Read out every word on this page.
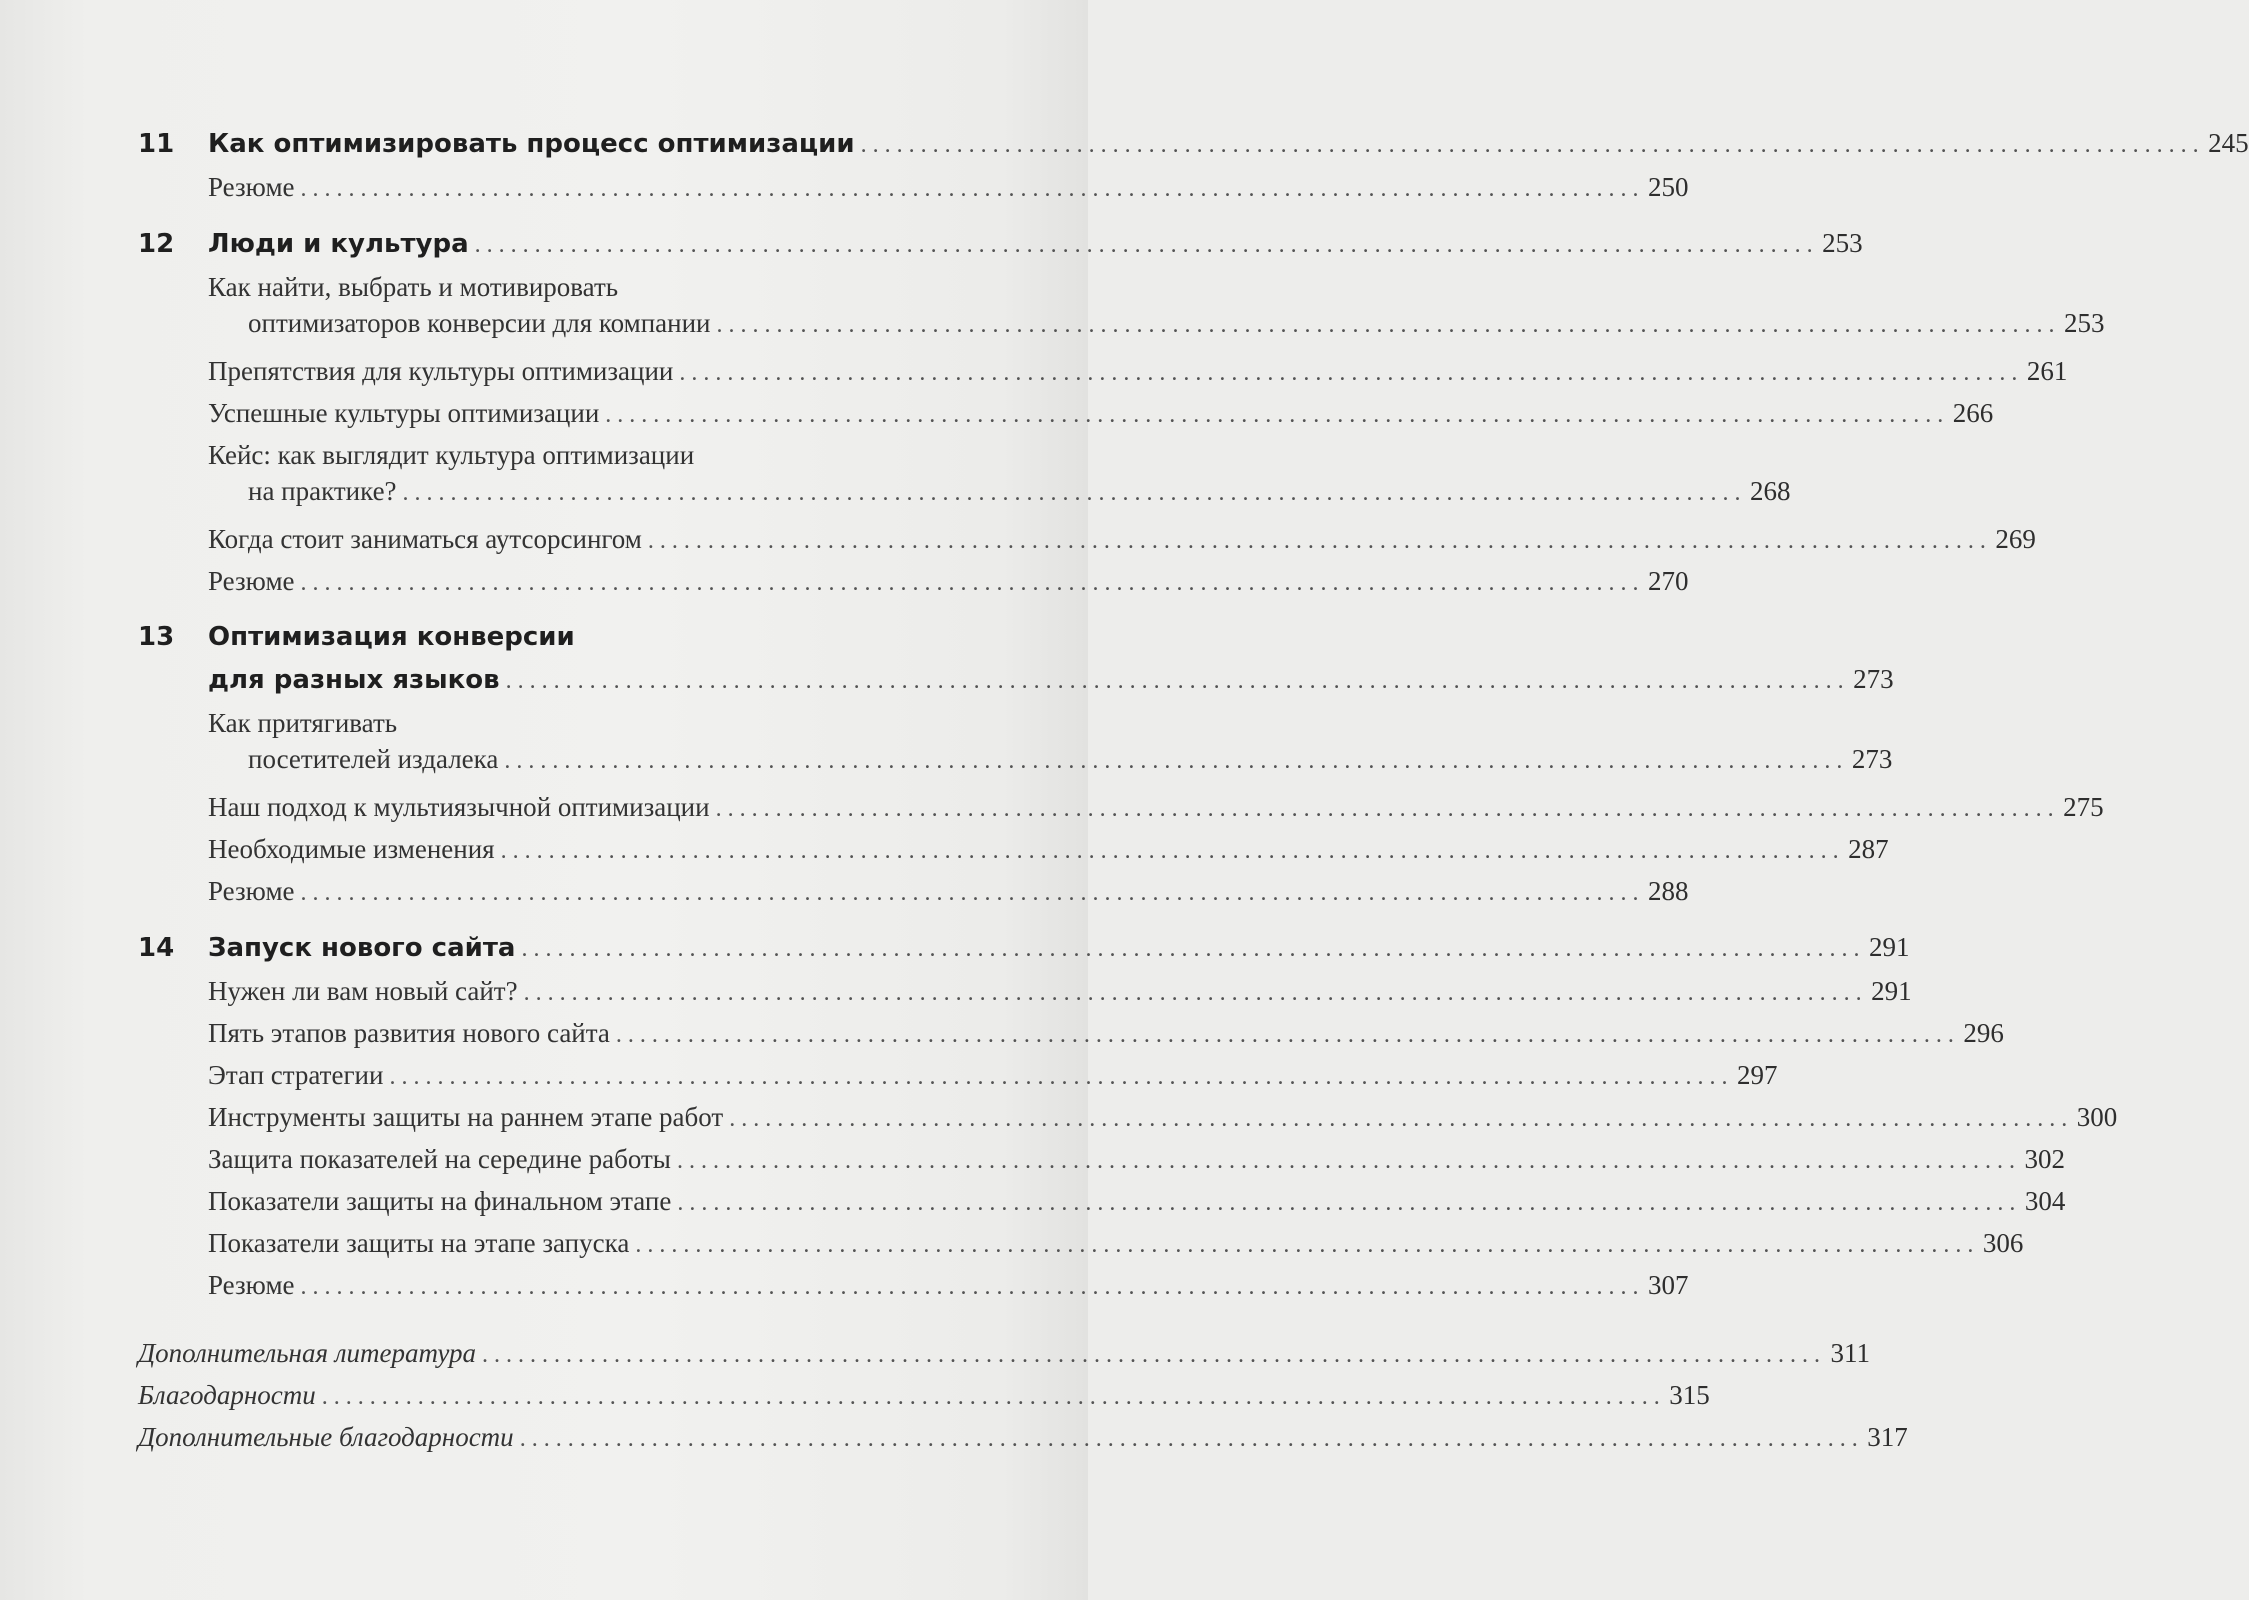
11	Как оптимизировать процесс оптимизации . . .	245
Резюме . . .	250
12	Люди и культура . . .	253
Как найти, выбрать и мотивировать
оптимизаторов конверсии для компании . . .	253
Препятствия для культуры оптимизации . . .	261
Успешные культуры оптимизации . . .	266
Кейс: как выглядит культура оптимизации
на практике? . . .	268
Когда стоит заниматься аутсорсингом . . .	269
Резюме . . .	270
13	Оптимизация конверсии
для разных языков . . .	273
Как притягивать
посетителей издалека . . .	273
Наш подход к мультиязычной оптимизации . . .	275
Необходимые изменения . . .	287
Резюме . . .	288
14	Запуск нового сайта . . .	291
Нужен ли вам новый сайт? . . .	291
Пять этапов развития нового сайта . . .	296
Этап стратегии . . .	297
Инструменты защиты на раннем этапе работ . . .	300
Защита показателей на середине работы . . .	302
Показатели защиты на финальном этапе . . .	304
Показатели защиты на этапе запуска . . .	306
Резюме . . .	307
Дополнительная литература . . .	311
Благодарности . . .	315
Дополнительные благодарности . . .	317
